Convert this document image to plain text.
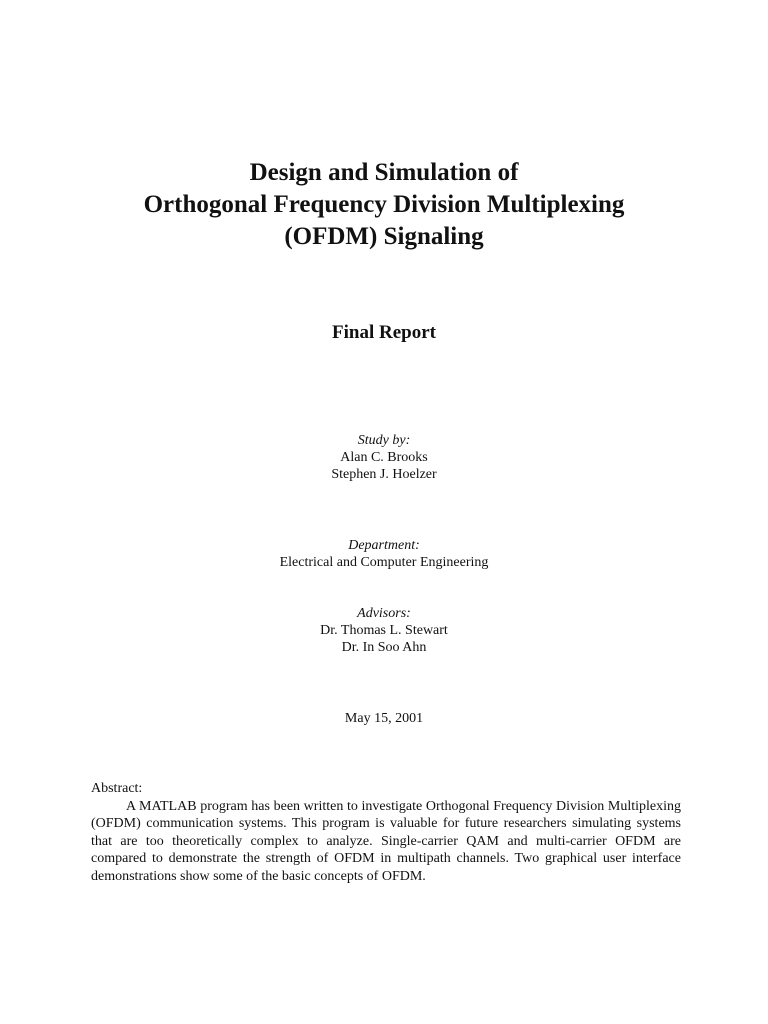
Design and Simulation of
Orthogonal Frequency Division Multiplexing
(OFDM) Signaling
Final Report
Study by:
Alan C. Brooks
Stephen J. Hoelzer
Department:
Electrical and Computer Engineering
Advisors:
Dr. Thomas L. Stewart
Dr. In Soo Ahn
May 15, 2001
Abstract:
A MATLAB program has been written to investigate Orthogonal Frequency Division Multiplexing (OFDM) communication systems. This program is valuable for future researchers simulating systems that are too theoretically complex to analyze. Single-carrier QAM and multi-carrier OFDM are compared to demonstrate the strength of OFDM in multipath channels. Two graphical user interface demonstrations show some of the basic concepts of OFDM.
